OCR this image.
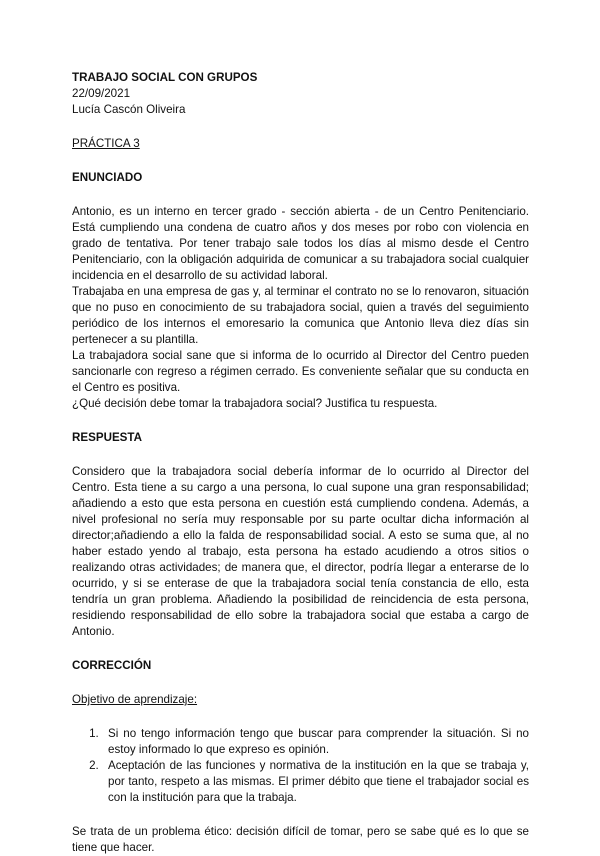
TRABAJO SOCIAL CON GRUPOS
22/09/2021
Lucía Cascón Oliveira
PRÁCTICA 3
ENUNCIADO

Antonio, es un interno en tercer grado - sección abierta - de un Centro Penitenciario. Está cumpliendo una condena de cuatro años y dos meses por robo con violencia en grado de tentativa. Por tener trabajo sale todos los días al mismo desde el Centro Penitenciario, con la obligación adquirida de comunicar a su trabajadora social cualquier incidencia en el desarrollo de su actividad laboral.

Trabajaba en una empresa de gas y, al terminar el contrato no se lo renovaron, situación que no puso en conocimiento de su trabajadora social, quien a través del seguimiento periódico de los internos el emoresario la comunica que Antonio lleva diez días sin pertenecer a su plantilla.

La trabajadora social sane que si informa de lo ocurrido al Director del Centro pueden sancionarle con regreso a régimen cerrado. Es conveniente señalar que su conducta en el Centro es positiva.

¿Qué decisión debe tomar la trabajadora social? Justifica tu respuesta.

RESPUESTA

Considero que la trabajadora social debería informar de lo ocurrido al Director del Centro. Esta tiene a su cargo a una persona, lo cual supone una gran responsabilidad; añadiendo a esto que esta persona en cuestión está cumpliendo condena. Además, a nivel profesional no sería muy responsable por su parte ocultar dicha información al director;añadiendo a ello la falda de responsabilidad social. A esto se suma que, al no haber estado yendo al trabajo, esta persona ha estado acudiendo a otros sitios o realizando otras actividades; de manera que, el director, podría llegar a enterarse de lo ocurrido, y si se enterase de que la trabajadora social tenía constancia de ello, esta tendría un gran problema. Añadiendo la posibilidad de reincidencia de esta persona, residiendo responsabilidad de ello sobre la trabajadora social que estaba a cargo de Antonio.

CORRECCIÓN
Objetivo de aprendizaje:
1. Si no tengo información tengo que buscar para comprender la situación. Si no estoy informado lo que expreso es opinión.
2. Aceptación de las funciones y normativa de la institución en la que se trabaja y, por tanto, respeto a las mismas. El primer débito que tiene el trabajador social es con la institución para que la trabaja.

Se trata de un problema ético: decisión difícil de tomar, pero se sabe qué es lo que se tiene que hacer.
